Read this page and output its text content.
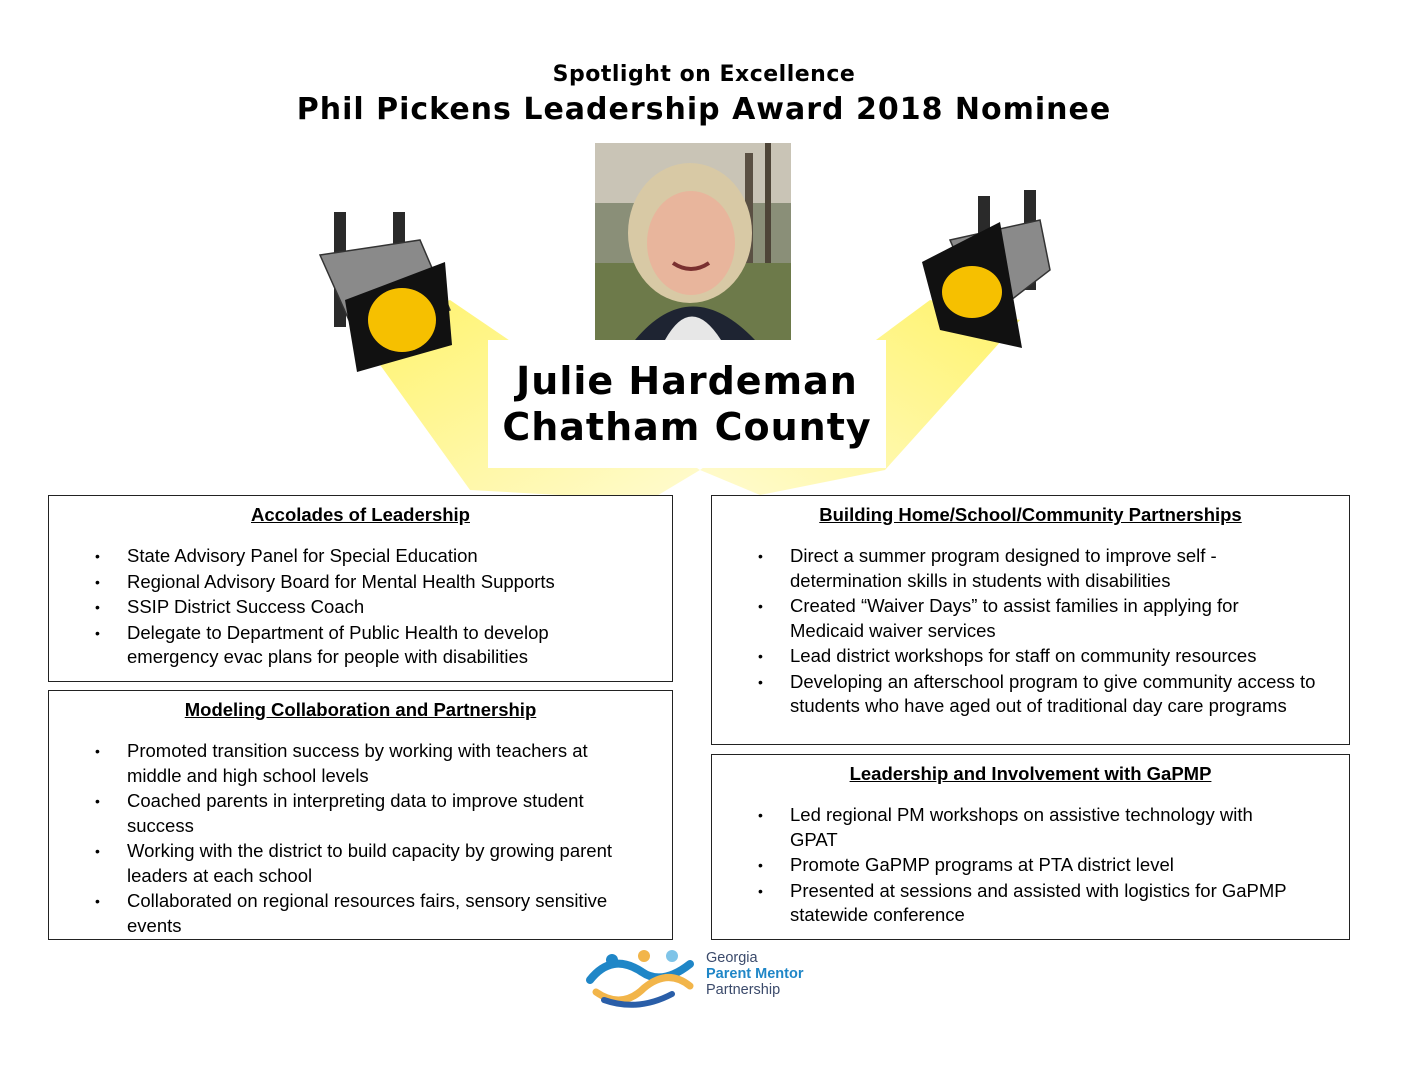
Spotlight on Excellence
Phil Pickens Leadership Award 2018 Nominee
Julie Hardeman
Chatham County
Accolades of Leadership
• State Advisory Panel for Special Education
• Regional Advisory Board for Mental Health Supports
• SSIP District Success Coach
• Delegate to Department of Public Health to develop emergency evac plans for people with disabilities
Modeling Collaboration and Partnership
• Promoted transition success by working with teachers at middle and high school levels
• Coached parents in interpreting data to improve student success
• Working with the district to build capacity by growing parent leaders at each school
• Collaborated on regional resources fairs, sensory sensitive events
Building Home/School/Community Partnerships
• Direct a summer program designed to improve self - determination skills in students with disabilities
• Created “Waiver Days” to assist families in applying for Medicaid waiver services
• Lead district workshops for staff on community resources
• Developing an afterschool program to give community access to students who have aged out of traditional day care programs
Leadership and Involvement with GaPMP
• Led regional PM workshops on assistive technology with GPAT
• Promote GaPMP programs at PTA district level
• Presented at sessions and assisted with logistics for GaPMP statewide conference
Georgia
Parent Mentor
Partnership
